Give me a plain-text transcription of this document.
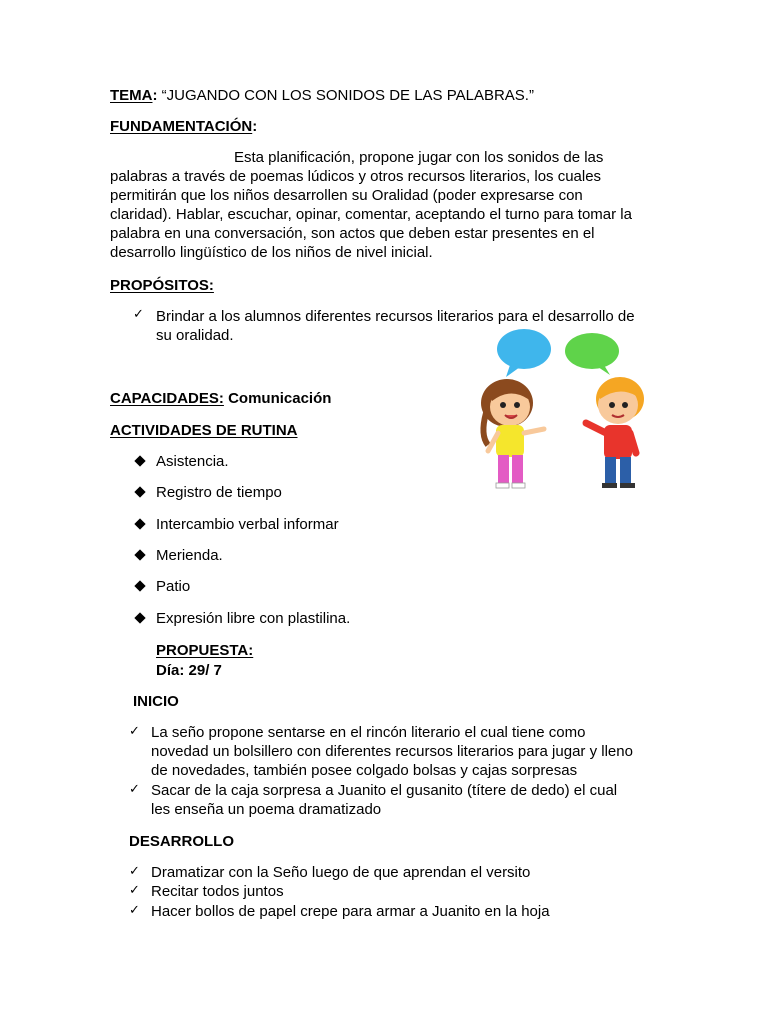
TEMA: “JUGANDO CON LOS SONIDOS DE LAS PALABRAS.”
FUNDAMENTACIÓN:
Esta planificación, propone jugar con los sonidos de las
palabras a través de poemas lúdicos y otros recursos literarios, los cuales
permitirán que los niños desarrollen su Oralidad (poder expresarse con
claridad). Hablar, escuchar, opinar, comentar, aceptando el turno para tomar la
palabra en una conversación, son actos que deben estar presentes en el
desarrollo lingüístico de los niños de nivel inicial.
PROPÓSITOS:
✓ Brindar a los alumnos diferentes recursos literarios para el desarrollo de
su oralidad.
CAPACIDADES: Comunicación
ACTIVIDADES DE RUTINA
Asistencia.
Registro de tiempo
Intercambio verbal informar
Merienda.
Patio
Expresión libre con plastilina.
PROPUESTA:
Día: 29/ 7
INICIO
✓ La seño propone sentarse en el rincón literario el cual tiene como
novedad un bolsillero con diferentes recursos literarios para jugar y lleno
de novedades, también posee colgado bolsas y cajas sorpresas
✓ Sacar de la caja sorpresa a Juanito el gusanito (títere de dedo) el cual
les enseña un poema dramatizado
DESARROLLO
✓ Dramatizar con la Seño luego de que aprendan el versito
✓ Recitar todos juntos
✓ Hacer bollos de papel crepe para armar a Juanito en la hoja
